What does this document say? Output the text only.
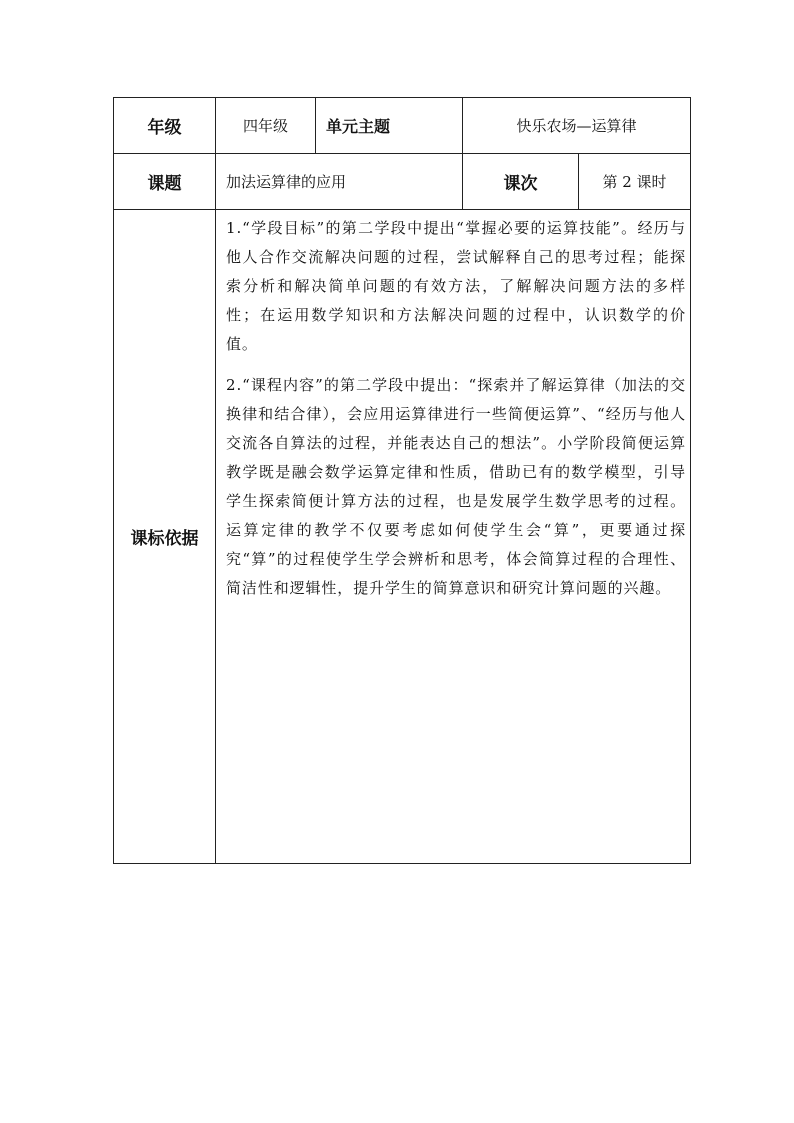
年级	四年级	单元主题	快乐农场—运算律	
课题	加法运算律的应用		课次	第 2 课时
课标依据	1.“学段目标”的第二学段中提出“掌握必要的运算技能”。经历与他人合作交流解决问题的过程，尝试解释自己的思考过程；能探索分析和解决简单问题的有效方法，了解解决问题方法的多样性；在运用数学知识和方法解决问题的过程中，认识数学的价值。

2.“课程内容”的第二学段中提出：“探索并了解运算律（加法的交换律和结合律），会应用运算律进行一些简便运算”、“经历与他人交流各自算法的过程，并能表达自己的想法”。小学阶段简便运算教学既是融会数学运算定律和性质，借助已有的数学模型，引导学生探索简便计算方法的过程，也是发展学生数学思考的过程。运算定律的教学不仅要考虑如何使学生会“算”，更要通过探究“算”的过程使学生学会辨析和思考，体会简算过程的合理性、简洁性和逻辑性，提升学生的简算意识和研究计算问题的兴趣。			
